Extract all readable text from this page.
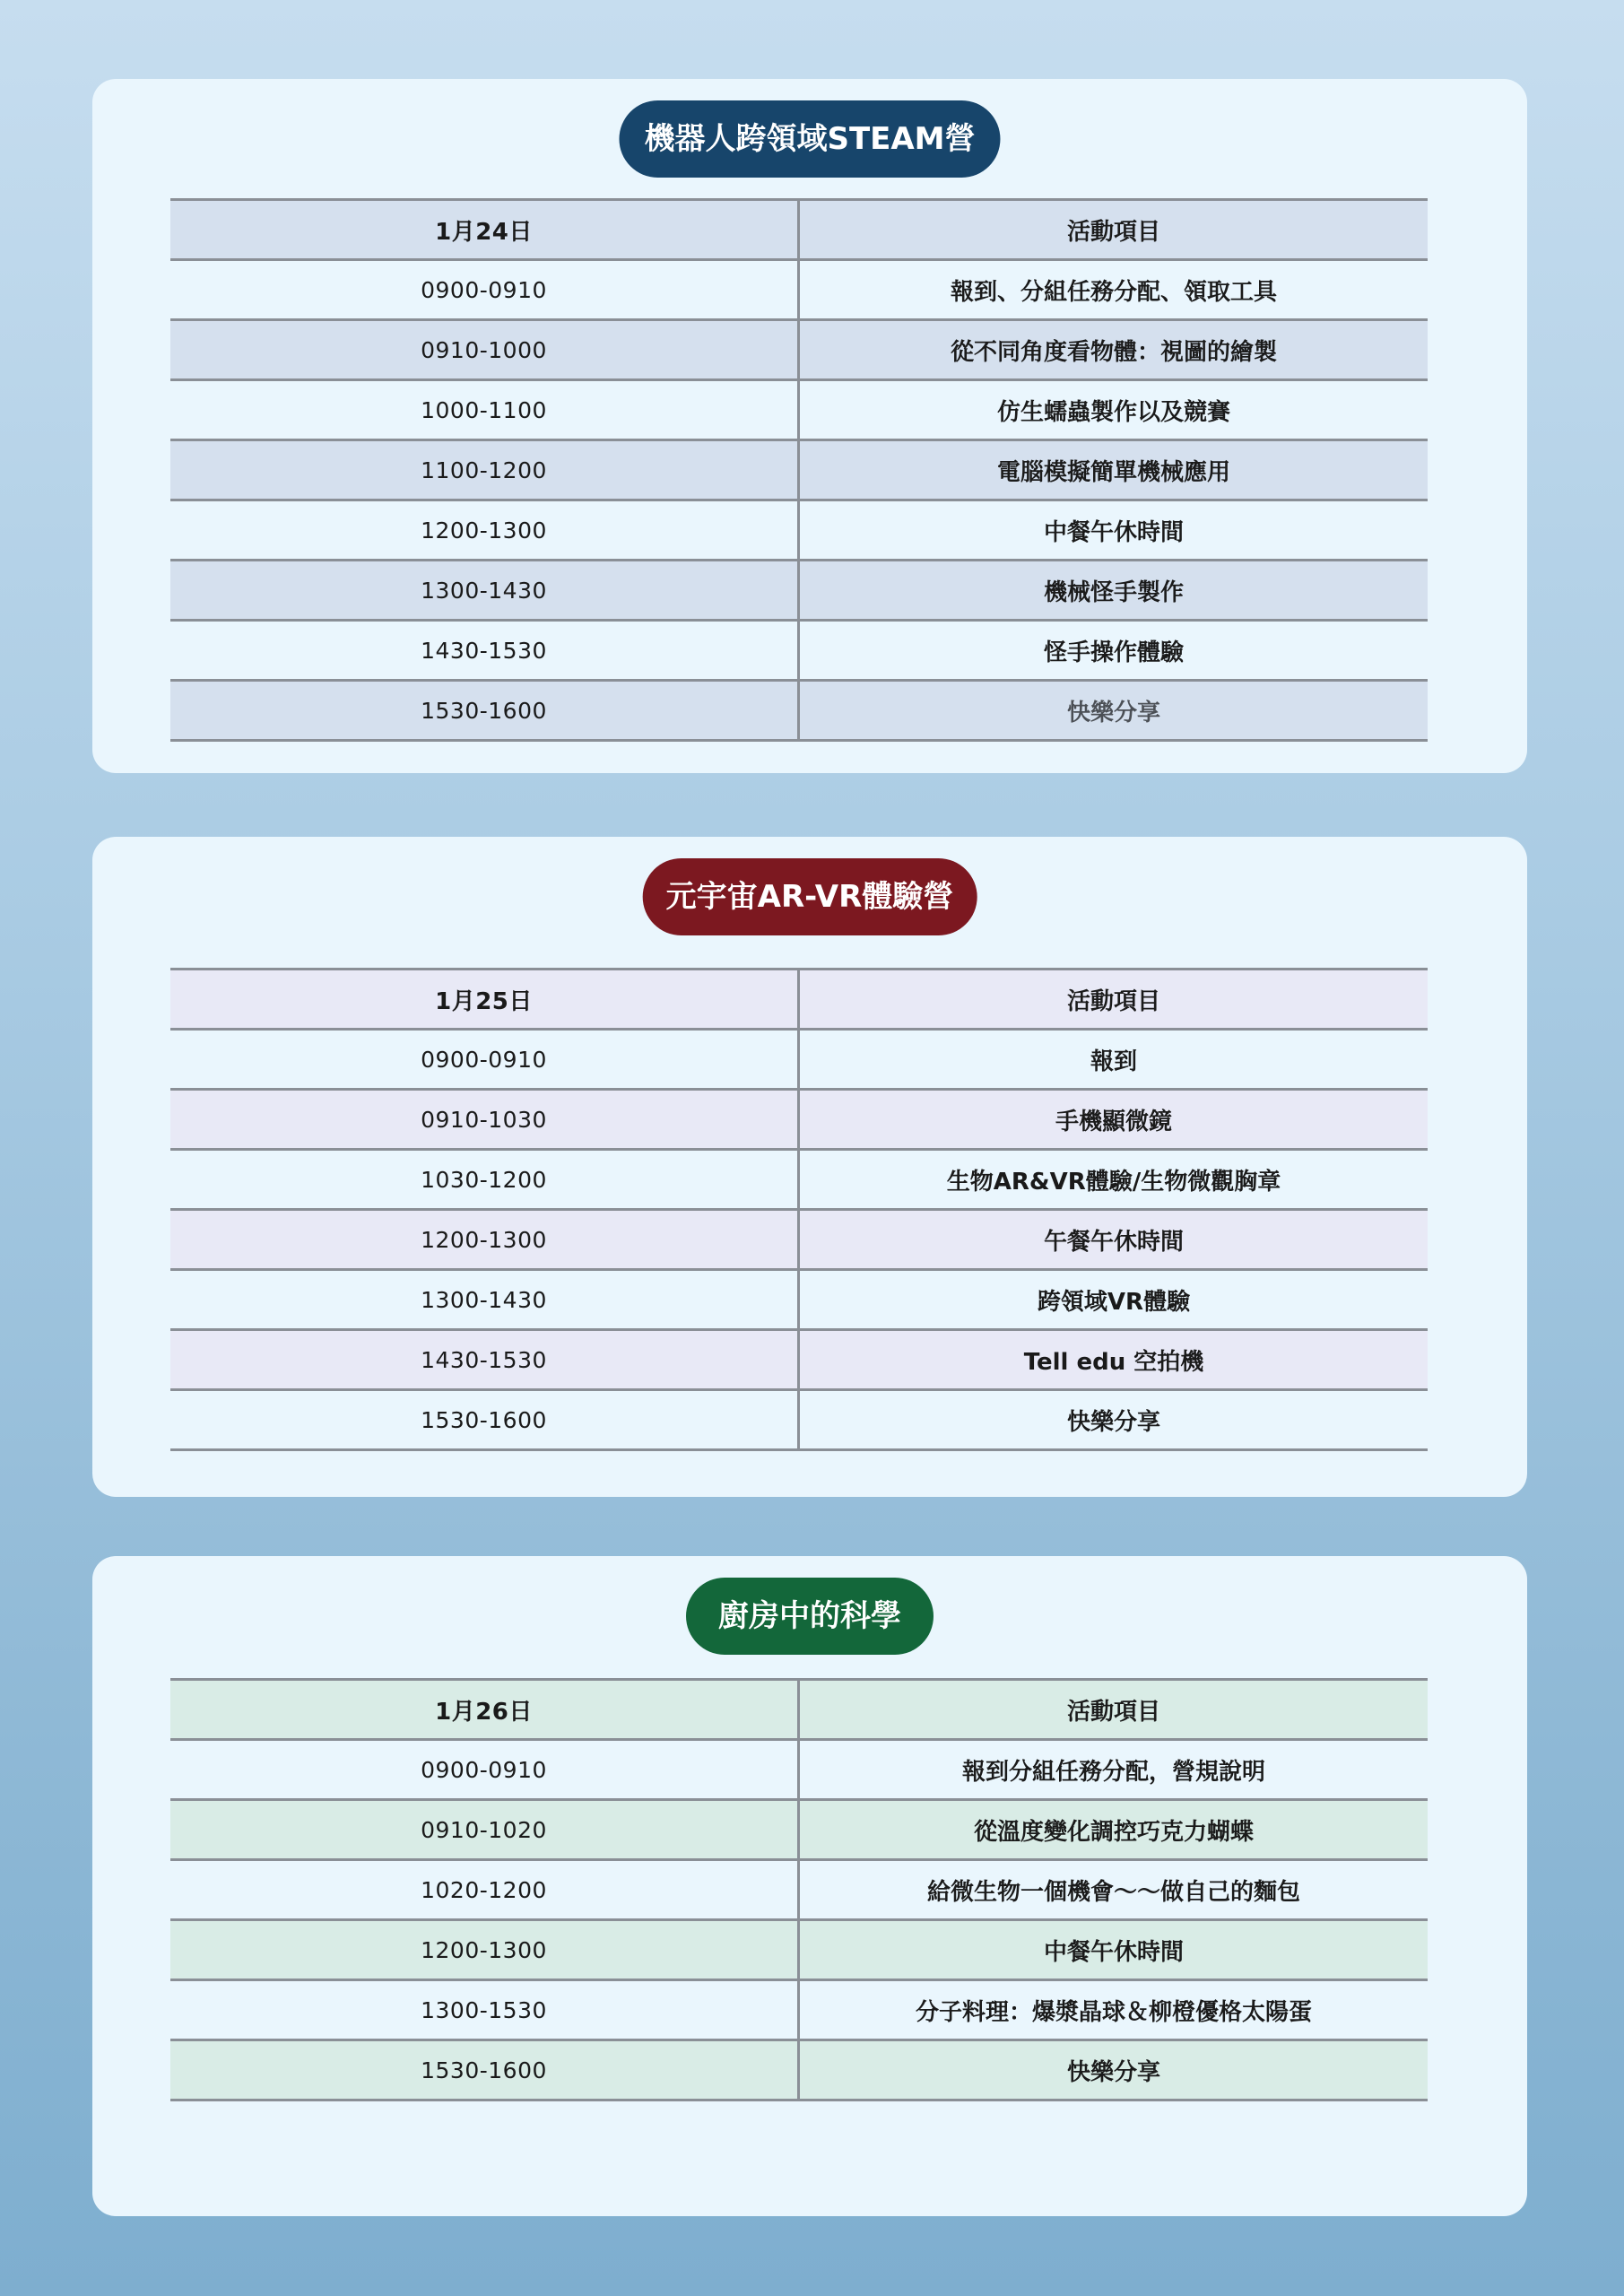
機器人跨領域STEAM營
1月24日	活動項目
0900-0910	報到、分組任務分配、領取工具
0910-1000	從不同角度看物體：視圖的繪製
1000-1100	仿生蠕蟲製作以及競賽
1100-1200	電腦模擬簡單機械應用
1200-1300	中餐午休時間
1300-1430	機械怪手製作
1430-1530	怪手操作體驗
1530-1600	快樂分享
元宇宙AR-VR體驗營
1月25日	活動項目
0900-0910	報到
0910-1030	手機顯微鏡
1030-1200	生物AR&VR體驗/生物微觀胸章
1200-1300	午餐午休時間
1300-1430	跨領域VR體驗
1430-1530	Tell edu 空拍機
1530-1600	快樂分享
廚房中的科學
1月26日	活動項目
0900-0910	報到分組任務分配，營規說明
0910-1020	從溫度變化調控巧克力蝴蝶
1020-1200	給微生物一個機會～～做自己的麵包
1200-1300	中餐午休時間
1300-1530	分子料理：爆漿晶球＆柳橙優格太陽蛋
1530-1600	快樂分享
